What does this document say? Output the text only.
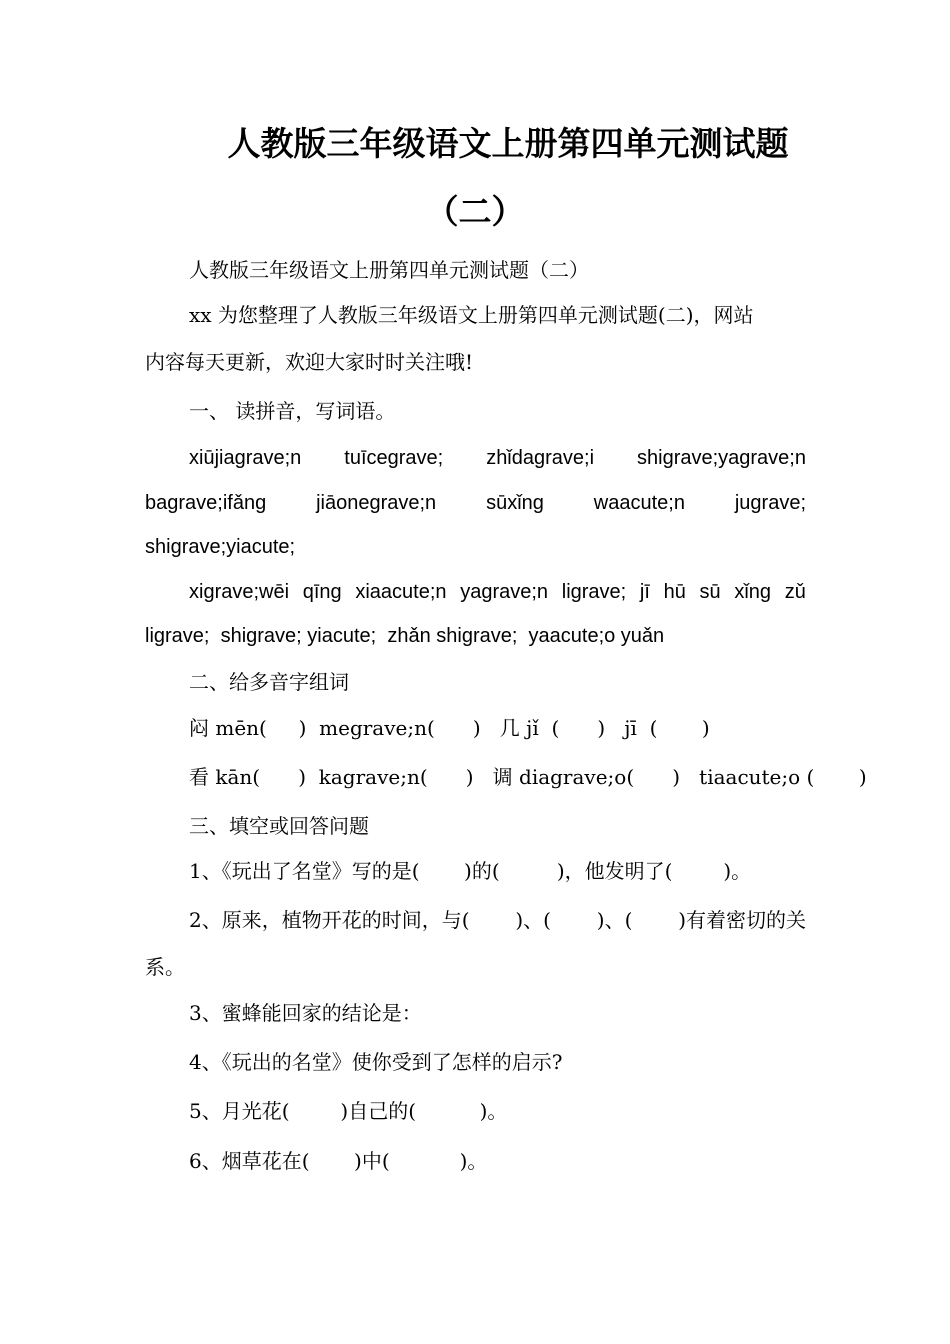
人教版三年级语文上册第四单元测试题
（二）
人教版三年级语文上册第四单元测试题（二）
xx 为您整理了人教版三年级语文上册第四单元测试题(二)，网站
内容每天更新，欢迎大家时时关注哦!
一、 读拼音，写词语。
xiūjiagrave;n tuīcegrave; zhǐdagrave;i shigrave;yagrave;n
bagrave;ifǎng jiāonegrave;n sūxǐng waacute;n jugrave;
shigrave;yiacute;
xigrave;wēi qīng xiaacute;n yagrave;n ligrave; jī hū sū xǐng zǔ
ligrave;  shigrave; yiacute;  zhǎn shigrave;  yaacute;o yuǎn
二、给多音字组词
闷 mēn(     )  megrave;n(      )   几 jǐ  (      )   jī  (       )
看 kān(      )  kagrave;n(      )   调 diagrave;o(      )   tiaacute;o (       )
三、填空或回答问题
1、《玩出了名堂》写的是(       )的(         )，他发明了(        )。
2、原来，植物开花的时间，与( )、( )、( )有着密切的关
系。
3、蜜蜂能回家的结论是：
4、《玩出的名堂》使你受到了怎样的启示?
5、月光花(        )自己的(          )。
6、烟草花在(       )中(           )。
